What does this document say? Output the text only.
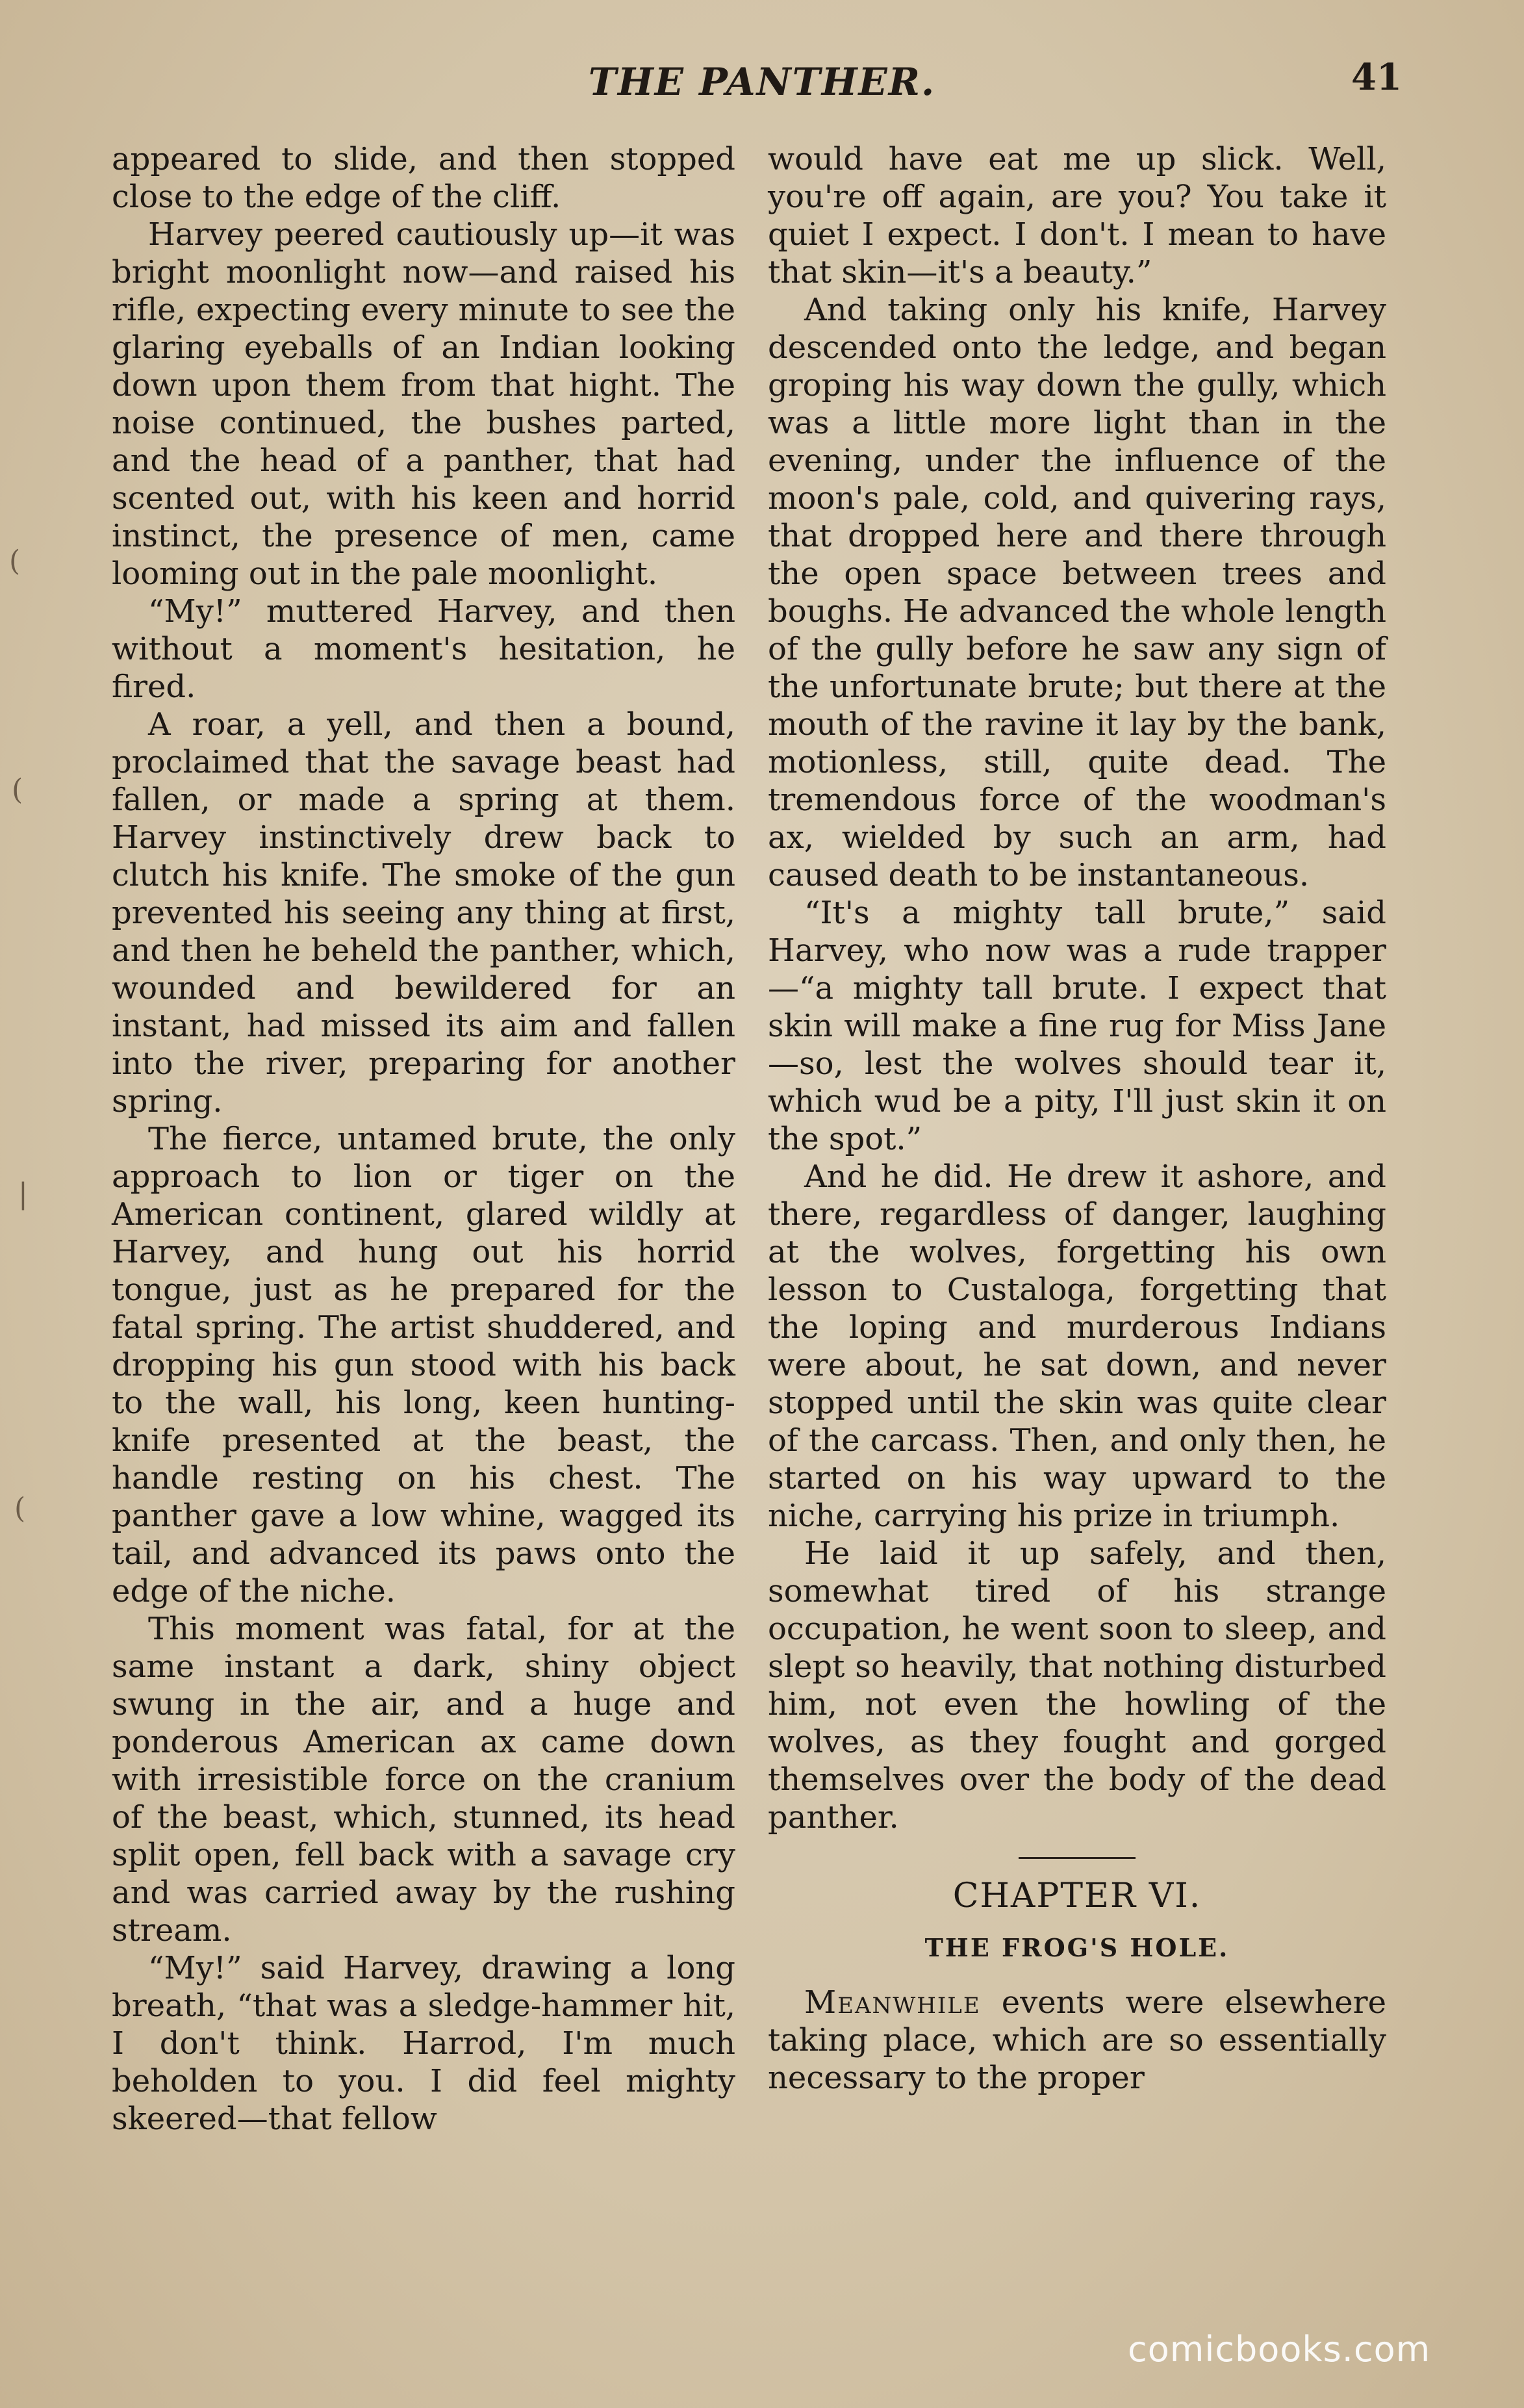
THE PANTHER.	41

appeared to slide, and then stopped close to the edge of the cliff.

Harvey peered cautiously up—it was bright moonlight now—and raised his rifle, expecting every minute to see the glaring eyeballs of an Indian looking down upon them from that hight. The noise continued, the bushes parted, and the head of a panther, that had scented out, with his keen and horrid instinct, the presence of men, came looming out in the pale moonlight.

“My!” muttered Harvey, and then without a moment's hesitation, he fired.

A roar, a yell, and then a bound, proclaimed that the savage beast had fallen, or made a spring at them. Harvey instinctively drew back to clutch his knife. The smoke of the gun prevented his seeing any thing at first, and then he beheld the panther, which, wounded and bewildered for an instant, had missed its aim and fallen into the river, preparing for another spring.

The fierce, untamed brute, the only approach to lion or tiger on the American continent, glared wildly at Harvey, and hung out his horrid tongue, just as he prepared for the fatal spring. The artist shuddered, and dropping his gun stood with his back to the wall, his long, keen hunting-knife presented at the beast, the handle resting on his chest. The panther gave a low whine, wagged its tail, and advanced its paws onto the edge of the niche.

This moment was fatal, for at the same instant a dark, shiny object swung in the air, and a huge and ponderous American ax came down with irresistible force on the cranium of the beast, which, stunned, its head split open, fell back with a savage cry and was carried away by the rushing stream.

“My!” said Harvey, drawing a long breath, “that was a sledge-hammer hit, I don't think. Harrod, I'm much beholden to you. I did feel mighty skeered—that fellow

would have eat me up slick. Well, you're off again, are you? You take it quiet I expect. I don't. I mean to have that skin—it's a beauty.”

And taking only his knife, Harvey descended onto the ledge, and began groping his way down the gully, which was a little more light than in the evening, under the influence of the moon's pale, cold, and quivering rays, that dropped here and there through the open space between trees and boughs. He advanced the whole length of the gully before he saw any sign of the unfortunate brute; but there at the mouth of the ravine it lay by the bank, motionless, still, quite dead. The tremendous force of the woodman's ax, wielded by such an arm, had caused death to be instantaneous.

“It's a mighty tall brute,” said Harvey, who now was a rude trapper—“a mighty tall brute. I expect that skin will make a fine rug for Miss Jane—so, lest the wolves should tear it, which wud be a pity, I'll just skin it on the spot.”

And he did. He drew it ashore, and there, regardless of danger, laughing at the wolves, forgetting his own lesson to Custaloga, forgetting that the loping and murderous Indians were about, he sat down, and never stopped until the skin was quite clear of the carcass. Then, and only then, he started on his way upward to the niche, carrying his prize in triumph.

He laid it up safely, and then, somewhat tired of his strange occupation, he went soon to sleep, and slept so heavily, that nothing disturbed him, not even the howling of the wolves, as they fought and gorged themselves over the body of the dead panther.

CHAPTER VI.

THE FROG'S HOLE.

Meanwhile events were elsewhere taking place, which are so essentially necessary to the proper

(
(
|
(
comicbooks.com
